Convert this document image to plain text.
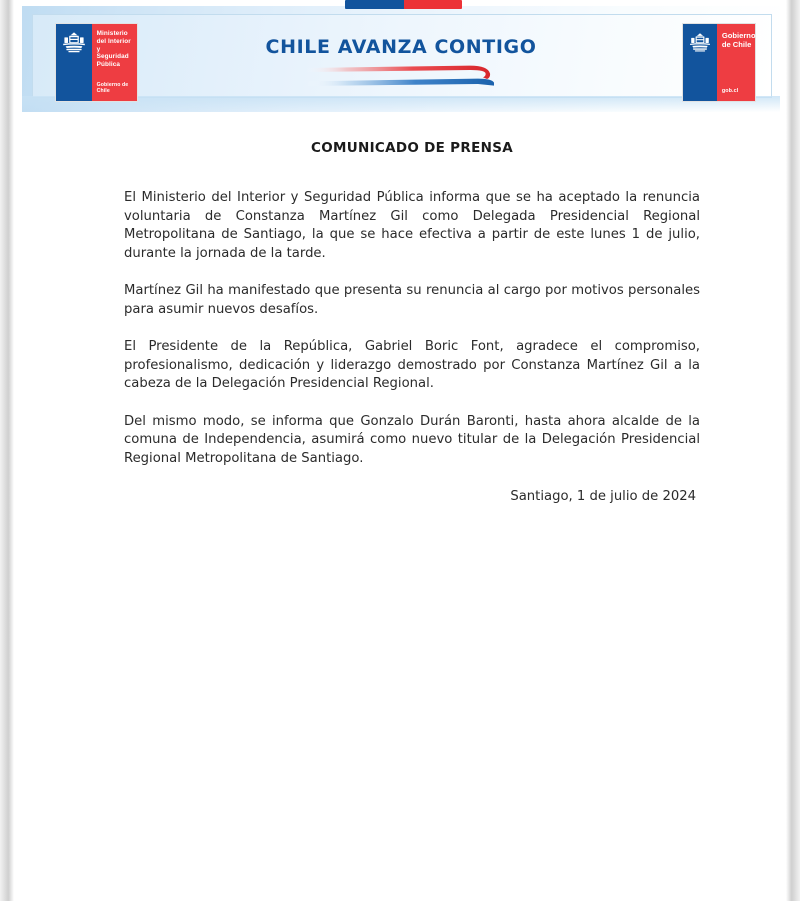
Ministerio del Interior y Seguridad Pública
Gobierno de Chile
CHILE AVANZA CONTIGO
Gobierno de Chile
gob.cl
COMUNICADO DE PRENSA

El Ministerio del Interior y Seguridad Pública informa que se ha aceptado la renuncia voluntaria de Constanza Martínez Gil como Delegada Presidencial Regional Metropolitana de Santiago, la que se hace efectiva a partir de este lunes 1 de julio, durante la jornada de la tarde.

Martínez Gil ha manifestado que presenta su renuncia al cargo por motivos personales para asumir nuevos desafíos.

El Presidente de la República, Gabriel Boric Font, agradece el compromiso, profesionalismo, dedicación y liderazgo demostrado por Constanza Martínez Gil a la cabeza de la Delegación Presidencial Regional.

Del mismo modo, se informa que Gonzalo Durán Baronti, hasta ahora alcalde de la comuna de Independencia, asumirá como nuevo titular de la Delegación Presidencial Regional Metropolitana de Santiago.

Santiago, 1 de julio de 2024
